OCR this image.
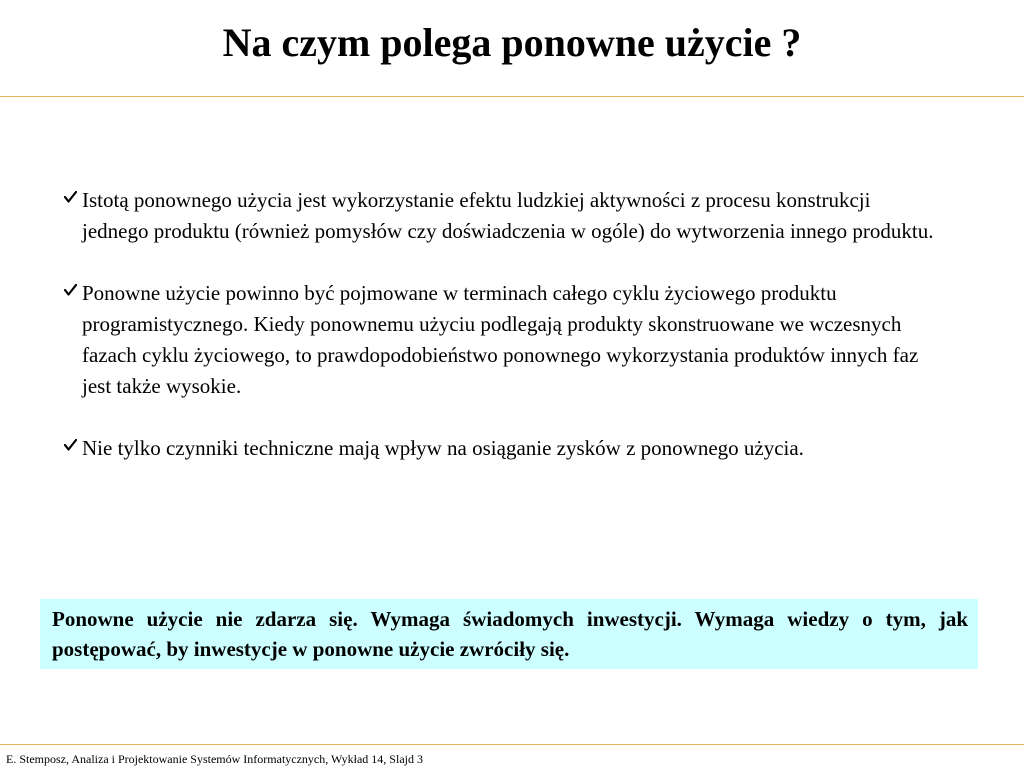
Na czym polega ponowne użycie ?
Istotą ponownego użycia jest wykorzystanie efektu ludzkiej aktywności z procesu konstrukcji jednego produktu (również pomysłów czy doświadczenia w ogóle) do wytworzenia innego produktu.
Ponowne użycie powinno być pojmowane w terminach całego cyklu życiowego produktu programistycznego. Kiedy ponownemu użyciu podlegają produkty skonstruowane we wczesnych fazach cyklu życiowego, to prawdopodobieństwo ponownego wykorzystania produktów innych faz jest także wysokie.
Nie tylko czynniki techniczne mają wpływ na osiąganie zysków z ponownego użycia.
Ponowne użycie nie zdarza się. Wymaga świadomych inwestycji. Wymaga wiedzy o tym, jak postępować, by inwestycje w ponowne użycie zwróciły się.
E. Stemposz, Analiza i Projektowanie Systemów Informatycznych, Wykład 14, Slajd 3
